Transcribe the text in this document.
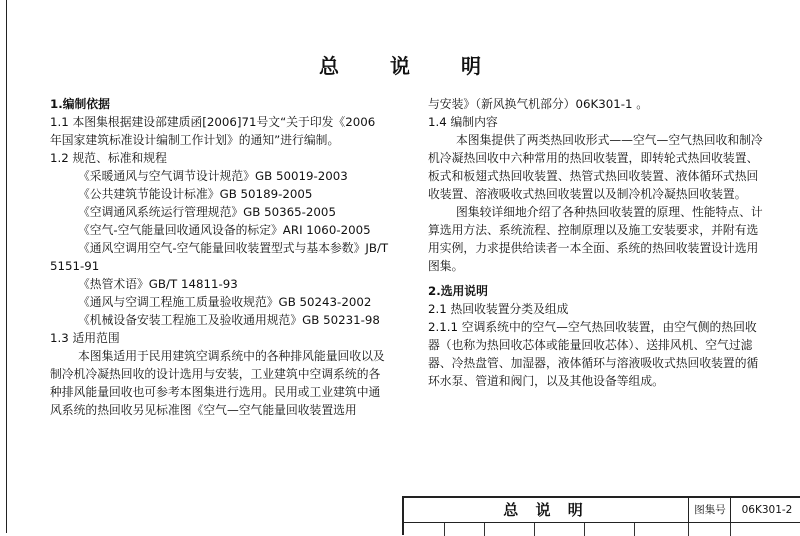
总 说 明
1.编制依据
1.1 本图集根据建设部建质函[2006]71号文“关于印发《2006
年国家建筑标准设计编制工作计划》的通知”进行编制。
1.2 规范、标准和规程
《采暖通风与空气调节设计规范》GB 50019-2003
《公共建筑节能设计标准》GB 50189-2005
《空调通风系统运行管理规范》GB 50365-2005
《空气-空气能量回收通风设备的标定》ARI 1060-2005
《通风空调用空气-空气能量回收装置型式与基本参数》JB/T
5151-91
《热管术语》GB/T 14811-93
《通风与空调工程施工质量验收规范》GB 50243-2002
《机械设备安装工程施工及验收通用规范》GB 50231-98
1.3 适用范围
本图集适用于民用建筑空调系统中的各种排风能量回收以及
制冷机冷凝热回收的设计选用与安装，工业建筑中空调系统的各
种排风能量回收也可参考本图集进行选用。民用或工业建筑中通
风系统的热回收另见标准图《空气—空气能量回收装置选用
与安装》（新风换气机部分）06K301-1 。
1.4 编制内容
本图集提供了两类热回收形式——空气—空气热回收和制冷
机冷凝热回收中六种常用的热回收装置，即转轮式热回收装置、
板式和板翅式热回收装置、热管式热回收装置、液体循环式热回
收装置、溶液吸收式热回收装置以及制冷机冷凝热回收装置。
图集较详细地介绍了各种热回收装置的原理、性能特点、计
算选用方法、系统流程、控制原理以及施工安装要求，并附有选
用实例，力求提供给读者一本全面、系统的热回收装置设计选用
图集。
2.选用说明
2.1 热回收装置分类及组成
2.1.1 空调系统中的空气—空气热回收装置，由空气侧的热回收
器（也称为热回收芯体或能量回收芯体）、送排风机、空气过滤
器、冷热盘管、加湿器，液体循环与溶液吸收式热回收装置的循
环水泵、管道和阀门，以及其他设备等组成。
总 说 明	图集号	06K301-2
